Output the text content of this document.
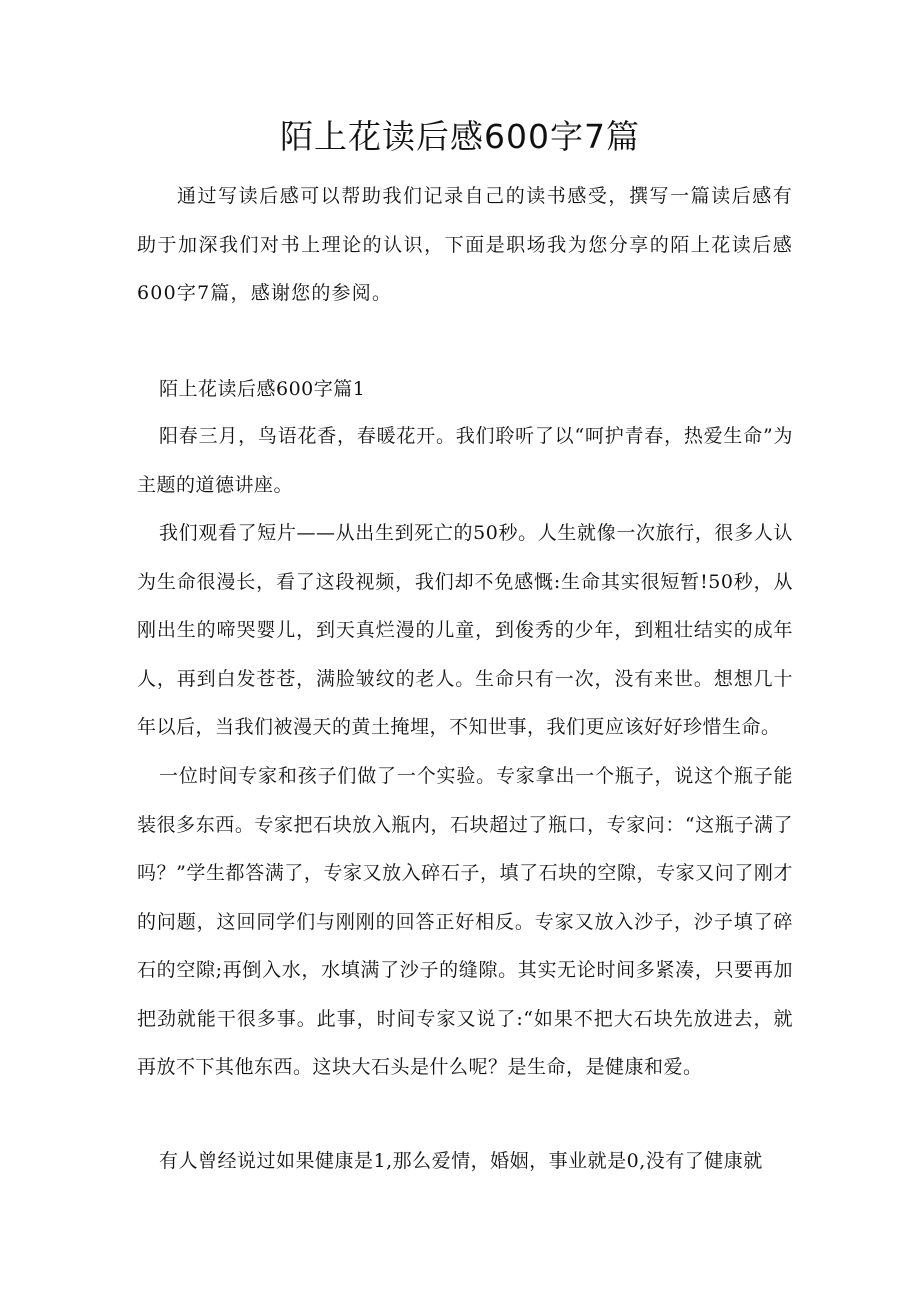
陌上花读后感600字7篇

通过写读后感可以帮助我们记录自己的读书感受，撰写一篇读后感有助于加深我们对书上理论的认识，下面是职场我为您分享的陌上花读后感600字7篇，感谢您的参阅。

陌上花读后感600字篇1

阳春三月，鸟语花香，春暖花开。我们聆听了以“呵护青春，热爱生命”为主题的道德讲座。

我们观看了短片——从出生到死亡的50秒。人生就像一次旅行，很多人认为生命很漫长，看了这段视频，我们却不免感慨:生命其实很短暂!50秒，从刚出生的啼哭婴儿，到天真烂漫的儿童，到俊秀的少年，到粗壮结实的成年人，再到白发苍苍，满脸皱纹的老人。生命只有一次，没有来世。想想几十年以后，当我们被漫天的黄土掩埋，不知世事，我们更应该好好珍惜生命。

一位时间专家和孩子们做了一个实验。专家拿出一个瓶子，说这个瓶子能装很多东西。专家把石块放入瓶内，石块超过了瓶口，专家问：“这瓶子满了吗？”学生都答满了，专家又放入碎石子，填了石块的空隙，专家又问了刚才的问题，这回同学们与刚刚的回答正好相反。专家又放入沙子，沙子填了碎石的空隙;再倒入水，水填满了沙子的缝隙。其实无论时间多紧凑，只要再加把劲就能干很多事。此事，时间专家又说了:“如果不把大石块先放进去，就再放不下其他东西。这块大石头是什么呢？是生命，是健康和爱。

有人曾经说过如果健康是1,那么爱情，婚姻，事业就是0,没有了健康就
